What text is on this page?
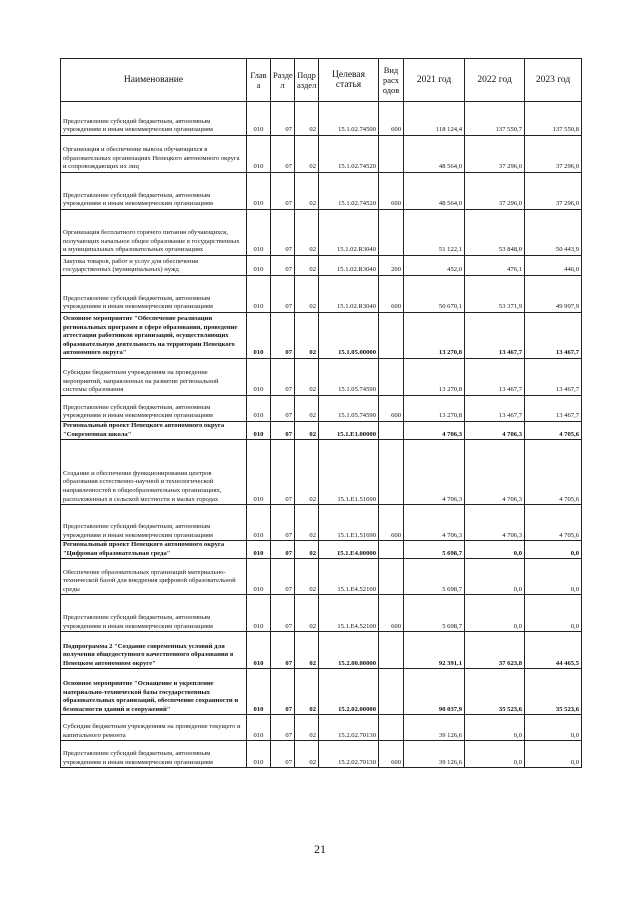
Наименование	Глав а	Разде л	Подр аздел	Целевая статья	Вид расх одов	2021 год	2022 год	2023 год
Предоставление субсидий бюджетным, автономным учреждениям и иным некоммерческим организациям	010	07	02	15.1.02.74500	600	118 124,4	137 550,7	137 550,8
Организация и обеспечение вывоза обучающихся в образовательных организациях Ненецкого автономного округа и сопровождающих их лиц	010	07	02	15.1.02.74520		48 564,0	37 296,0	37 296,0
Предоставление субсидий бюджетным, автономным учреждениям и иным некоммерческим организациям	010	07	02	15.1.02.74520	600	48 564,0	37 296,0	37 296,0
Организация бесплатного горячего питания обучающихся, получающих начальное общее образование в государственных и муниципальных образовательных организациях	010	07	02	15.1.02.R3040		51 122,1	53 848,0	50 443,9
Закупка товаров, работ и услуг для обеспечения государственных (муниципальных) нужд	010	07	02	15.1.02.R3040	200	452,0	476,1	446,0
Предоставление субсидий бюджетным, автономным учреждениям и иным некоммерческим организациям	010	07	02	15.1.02.R3040	600	50 670,1	53 371,9	49 997,9
Основное мероприятие "Обеспечение реализации региональных программ в сфере образования, проведение аттестации работников организаций, осуществляющих образовательную деятельность на территории Ненецкого автономного округа"	010	07	02	15.1.05.00000		13 270,8	13 467,7	13 467,7
Субсидии бюджетным учреждениям на проведение мероприятий, направленных на развитие региональной системы образования	010	07	02	15.1.05.74590		13 270,8	13 467,7	13 467,7
Предоставление субсидий бюджетным, автономным учреждениям и иным некоммерческим организациям	010	07	02	15.1.05.74590	600	13 270,8	13 467,7	13 467,7
Региональный проект Ненецкого автономного округа "Современная школа"	010	07	02	15.1.E1.00000		4 706,3	4 706,3	4 705,6
Создание и обеспечение функционирования центров образования естественно-научной и технологической направленностей в общеобразовательных организациях, расположенных в сельской местности и малых городах	010	07	02	15.1.E1.51690		4 706,3	4 706,3	4 705,6
Предоставление субсидий бюджетным, автономным учреждениям и иным некоммерческим организациям	010	07	02	15.1.E1.51690	600	4 706,3	4 706,3	4 705,6
Региональный проект Ненецкого автономного округа "Цифровая образовательная среда"	010	07	02	15.1.E4.00000		5 698,7	0,0	0,0
Обеспечение образовательных организаций материально-технической базой для внедрения цифровой образовательной среды	010	07	02	15.1.E4.52100		5 698,7	0,0	0,0
Предоставление субсидий бюджетным, автономным учреждениям и иным некоммерческим организациям	010	07	02	15.1.E4.52100	600	5 698,7	0,0	0,0
Подпрограмма 2 "Создание современных условий для получения общедоступного качественного образования в Ненецком автономном округе"	010	07	02	15.2.00.00000		92 391,1	37 623,8	44 465,5
Основное мероприятие "Оснащение и укрепление материально-технической базы государственных образовательных организаций, обеспечение сохранности и безопасности зданий и сооружений"	010	07	02	15.2.02.00000		90 037,9	35 523,6	35 523,6
Субсидии бюджетным учреждениям на проведение текущего и капитального ремонта	010	07	02	15.2.02.70130		39 126,6	0,0	0,0
Предоставление субсидий бюджетным, автономным учреждениям и иным некоммерческим организациям	010	07	02	15.2.02.70130	600	39 126,6	0,0	0,0
21
